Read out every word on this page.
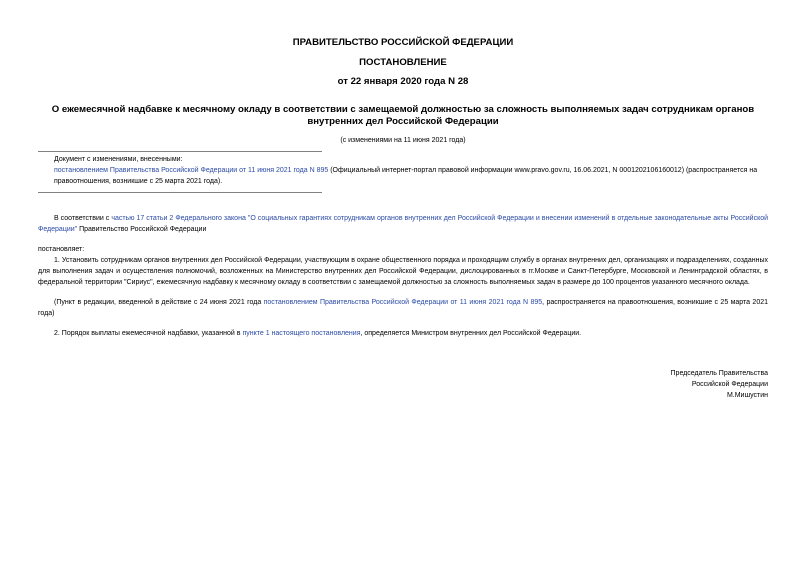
ПРАВИТЕЛЬСТВО РОССИЙСКОЙ ФЕДЕРАЦИИ
ПОСТАНОВЛЕНИЕ
от 22 января 2020 года N 28
О ежемесячной надбавке к месячному окладу в соответствии с замещаемой должностью за сложность выполняемых задач сотрудникам органов внутренних дел Российской Федерации
(с изменениями на 11 июня 2021 года)
Документ с изменениями, внесенными:
постановлением Правительства Российской Федерации от 11 июня 2021 года N 895 (Официальный интернет-портал правовой информации www.pravo.gov.ru, 16.06.2021, N 0001202106160012) (распространяется на правоотношения, возникшие с 25 марта 2021 года).
В соответствии с частью 17 статьи 2 Федерального закона "О социальных гарантиях сотрудникам органов внутренних дел Российской Федерации и внесении изменений в отдельные законодательные акты Российской Федерации" Правительство Российской Федерации
постановляет:
1. Установить сотрудникам органов внутренних дел Российской Федерации, участвующим в охране общественного порядка и проходящим службу в органах внутренних дел, организациях и подразделениях, созданных для выполнения задач и осуществления полномочий, возложенных на Министерство внутренних дел Российской Федерации, дислоцированных в гг.Москве и Санкт-Петербурге, Московской и Ленинградской областях, в федеральной территории "Сириус", ежемесячную надбавку к месячному окладу в соответствии с замещаемой должностью за сложность выполняемых задач в размере до 100 процентов указанного месячного оклада.
(Пункт в редакции, введенной в действие с 24 июня 2021 года постановлением Правительства Российской Федерации от 11 июня 2021 года N 895, распространяется на правоотношения, возникшие с 25 марта 2021 года)
2. Порядок выплаты ежемесячной надбавки, указанной в пункте 1 настоящего постановления, определяется Министром внутренних дел Российской Федерации.
Председатель Правительства
Российской Федерации
М.Мишустин
